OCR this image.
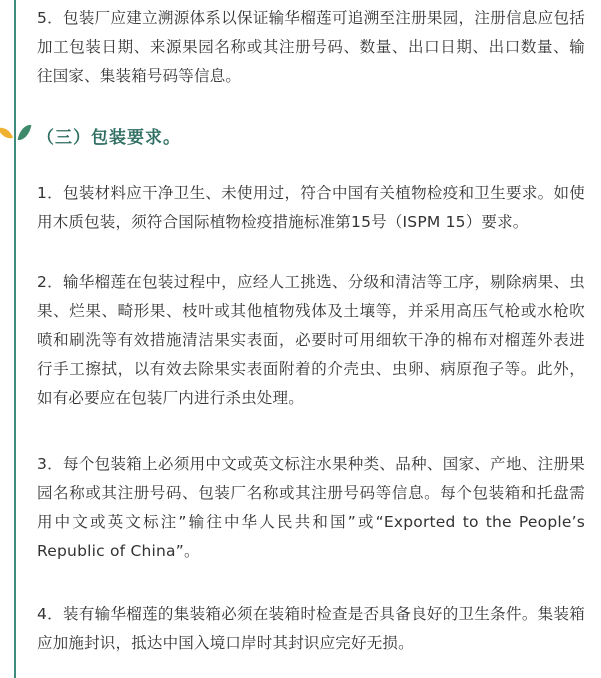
5．包装厂应建立溯源体系以保证输华榴莲可追溯至注册果园，注册信息应包括加工包装日期、来源果园名称或其注册号码、数量、出口日期、出口数量、输往国家、集装箱号码等信息。

（三）包装要求。

1．包装材料应干净卫生、未使用过，符合中国有关植物检疫和卫生要求。如使用木质包装，须符合国际植物检疫措施标准第15号（ISPM 15）要求。

2．输华榴莲在包装过程中，应经人工挑选、分级和清洁等工序，剔除病果、虫果、烂果、畸形果、枝叶或其他植物残体及土壤等，并采用高压气枪或水枪吹喷和刷洗等有效措施清洁果实表面，必要时可用细软干净的棉布对榴莲外表进行手工擦拭，以有效去除果实表面附着的介壳虫、虫卵、病原孢子等。此外，如有必要应在包装厂内进行杀虫处理。

3．每个包装箱上必须用中文或英文标注水果种类、品种、国家、产地、注册果园名称或其注册号码、包装厂名称或其注册号码等信息。每个包装箱和托盘需用中文或英文标注”输往中华人民共和国”或“Exported to the People’s Republic of China”。

4．装有输华榴莲的集装箱必须在装箱时检查是否具备良好的卫生条件。集装箱应加施封识，抵达中国入境口岸时其封识应完好无损。
